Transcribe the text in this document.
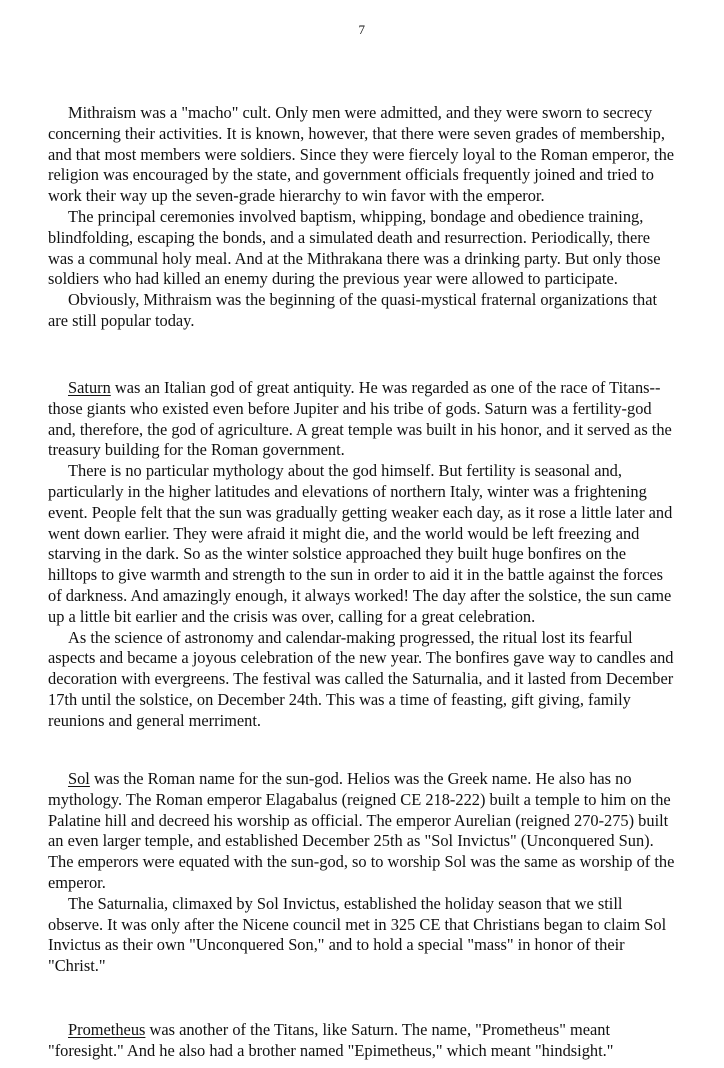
7

Mithraism was a "macho" cult. Only men were admitted, and they were sworn to secrecy concerning their activities. It is known, however, that there were seven grades of membership, and that most members were soldiers. Since they were fiercely loyal to the Roman emperor, the religion was encouraged by the state, and government officials frequently joined and tried to work their way up the seven-grade hierarchy to win favor with the emperor.

The principal ceremonies involved baptism, whipping, bondage and obedience training, blindfolding, escaping the bonds, and a simulated death and resurrection. Periodically, there was a communal holy meal. And at the Mithrakana there was a drinking party. But only those soldiers who had killed an enemy during the previous year were allowed to participate.

Obviously, Mithraism was the beginning of the quasi-mystical fraternal organizations that are still popular today.

Saturn was an Italian god of great antiquity. He was regarded as one of the race of Titans--those giants who existed even before Jupiter and his tribe of gods. Saturn was a fertility-god and, therefore, the god of agriculture. A great temple was built in his honor, and it served as the treasury building for the Roman government.

There is no particular mythology about the god himself. But fertility is seasonal and, particularly in the higher latitudes and elevations of northern Italy, winter was a frightening event. People felt that the sun was gradually getting weaker each day, as it rose a little later and went down earlier. They were afraid it might die, and the world would be left freezing and starving in the dark. So as the winter solstice approached they built huge bonfires on the hilltops to give warmth and strength to the sun in order to aid it in the battle against the forces of darkness. And amazingly enough, it always worked! The day after the solstice, the sun came up a little bit earlier and the crisis was over, calling for a great celebration.

As the science of astronomy and calendar-making progressed, the ritual lost its fearful aspects and became a joyous celebration of the new year. The bonfires gave way to candles and decoration with evergreens. The festival was called the Saturnalia, and it lasted from December 17th until the solstice, on December 24th. This was a time of feasting, gift giving, family reunions and general merriment.

Sol was the Roman name for the sun-god. Helios was the Greek name. He also has no mythology. The Roman emperor Elagabalus (reigned CE 218-222) built a temple to him on the Palatine hill and decreed his worship as official. The emperor Aurelian (reigned 270-275) built an even larger temple, and established December 25th as "Sol Invictus" (Unconquered Sun). The emperors were equated with the sun-god, so to worship Sol was the same as worship of the emperor.

The Saturnalia, climaxed by Sol Invictus, established the holiday season that we still observe. It was only after the Nicene council met in 325 CE that Christians began to claim Sol Invictus as their own "Unconquered Son," and to hold a special "mass" in honor of their "Christ."

Prometheus was another of the Titans, like Saturn. The name, "Prometheus" meant "foresight." And he also had a brother named "Epimetheus," which meant "hindsight."
